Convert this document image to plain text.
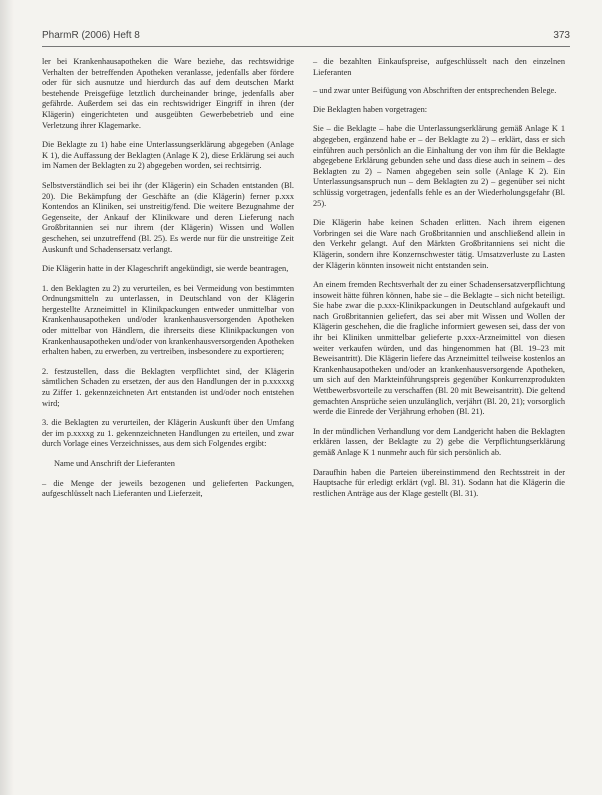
PharmR (2006) Heft 8	373

ler bei Krankenhausapotheken die Ware beziehe, das rechtswidrige Verhalten der betreffenden Apotheken veranlasse, jedenfalls aber fördere oder für sich ausnutze und hierdurch das auf dem deutschen Markt bestehende Preisgefüge letztlich durcheinander bringe, jedenfalls aber gefährde. Außerdem sei das ein rechtswidriger Eingriff in ihren (der Klägerin) eingerichteten und ausgeübten Gewerbebetrieb und eine Verletzung ihrer Klagemarke.

Die Beklagte zu 1) habe eine Unterlassungserklärung abgegeben (Anlage K 1), die Auffassung der Beklagten (Anlage K 2), diese Erklärung sei auch im Namen der Beklagten zu 2) abgegeben worden, sei rechtsirrig.

Selbstverständlich sei bei ihr (der Klägerin) ein Schaden entstanden (Bl. 20). Die Bekämpfung der Geschäfte an (die Klägerin) ferner p.xxx Kontendos an Kliniken, sei unstreitig/fend. Die weitere Bezugnahme der Gegenseite, der Ankauf der Klinikware und deren Lieferung nach Großbritannien sei nur ihrem (der Klägerin) Wissen und Wollen geschehen, sei unzutreffend (Bl. 25). Es werde nur für die unstreitige Zeit Auskunft und Schadensersatz verlangt.

Die Klägerin hatte in der Klageschrift angekündigt, sie werde beantragen,

1. den Beklagten zu 2) zu verurteilen, es bei Vermeidung von bestimmten Ordnungsmitteln zu unterlassen, in Deutschland von der Klägerin hergestellte Arzneimittel in Klinikpackungen entweder unmittelbar von Krankenhausapotheken und/oder krankenhausversorgenden Apotheken oder mittelbar von Händlern, die ihrerseits diese Klinikpackungen von Krankenhausapotheken und/oder von krankenhausversorgenden Apotheken erhalten haben, zu erwerben, zu vertreiben, insbesondere zu exportieren;

2. festzustellen, dass die Beklagten verpflichtet sind, der Klägerin sämtlichen Schaden zu ersetzen, der aus den Handlungen der in p.xxxxxg zu Ziffer 1. gekennzeichneten Art entstanden ist und/oder noch entstehen wird;

3. die Beklagten zu verurteilen, der Klägerin Auskunft über den Umfang der im p.xxxxg zu 1. gekennzeichneten Handlungen zu erteilen, und zwar durch Vorlage eines Verzeichnisses, aus dem sich Folgendes ergibt:

Name und Anschrift der Lieferanten

– die Menge der jeweils bezogenen und gelieferten Packungen, aufgeschlüsselt nach Lieferanten und Lieferzeit,

– die bezahlten Einkaufspreise, aufgeschlüsselt nach den einzelnen Lieferanten

– und zwar unter Beifügung von Abschriften der entsprechenden Belege.

Die Beklagten haben vorgetragen:

Sie – die Beklagte – habe die Unterlassungserklärung gemäß Anlage K 1 abgegeben, ergänzend habe er – der Beklagte zu 2) – erklärt, dass er sich einführen auch persönlich an die Einhaltung der von ihm für die Beklagte abgegebene Erklärung gebunden sehe und dass diese auch in seinem – des Beklagten zu 2) – Namen abgegeben sein solle (Anlage K 2). Ein Unterlassungsanspruch nun – dem Beklagten zu 2) – gegenüber sei nicht schlüssig vorgetragen, jedenfalls fehle es an der Wiederholungsgefahr (Bl. 25).

Die Klägerin habe keinen Schaden erlitten. Nach ihrem eigenen Vorbringen sei die Ware nach Großbritannien und anschließend allein in den Verkehr gelangt. Auf den Märkten Großbritanniens sei nicht die Klägerin, sondern ihre Konzernschwester tätig. Umsatzverluste zu Lasten der Klägerin könnten insoweit nicht entstanden sein.

An einem fremden Rechtsverhalt der zu einer Schadensersatzverpflichtung insoweit hätte führen können, habe sie – die Beklagte – sich nicht beteiligt. Sie habe zwar die p.xxx-Klinikpackungen in Deutschland aufgekauft und nach Großbritannien geliefert, das sei aber mit Wissen und Wollen der Klägerin geschehen, die die fragliche informiert gewesen sei, dass der von ihr bei Kliniken unmittelbar gelieferte p.xxx-Arzneimittel von diesen weiter verkaufen würden, und das hingenommen hat (Bl. 19–23 mit Beweisantritt). Die Klägerin liefere das Arzneimittel teilweise kostenlos an Krankenhausapotheken und/oder an krankenhausversorgende Apotheken, um sich auf den Markteinführungspreis gegenüber Konkurrenzprodukten Wettbewerbsvorteile zu verschaffen (Bl. 20 mit Beweisantritt). Die geltend gemachten Ansprüche seien unzulänglich, verjährt (Bl. 20, 21); vorsorglich werde die Einrede der Verjährung erhoben (Bl. 21).

In der mündlichen Verhandlung vor dem Landgericht haben die Beklagten erklären lassen, der Beklagte zu 2) gebe die Verpflichtungserklärung gemäß Anlage K 1 nunmehr auch für sich persönlich ab.

Daraufhin haben die Parteien übereinstimmend den Rechtsstreit in der Hauptsache für erledigt erklärt (vgl. Bl. 31). Sodann hat die Klägerin die restlichen Anträge aus der Klage gestellt (Bl. 31).
